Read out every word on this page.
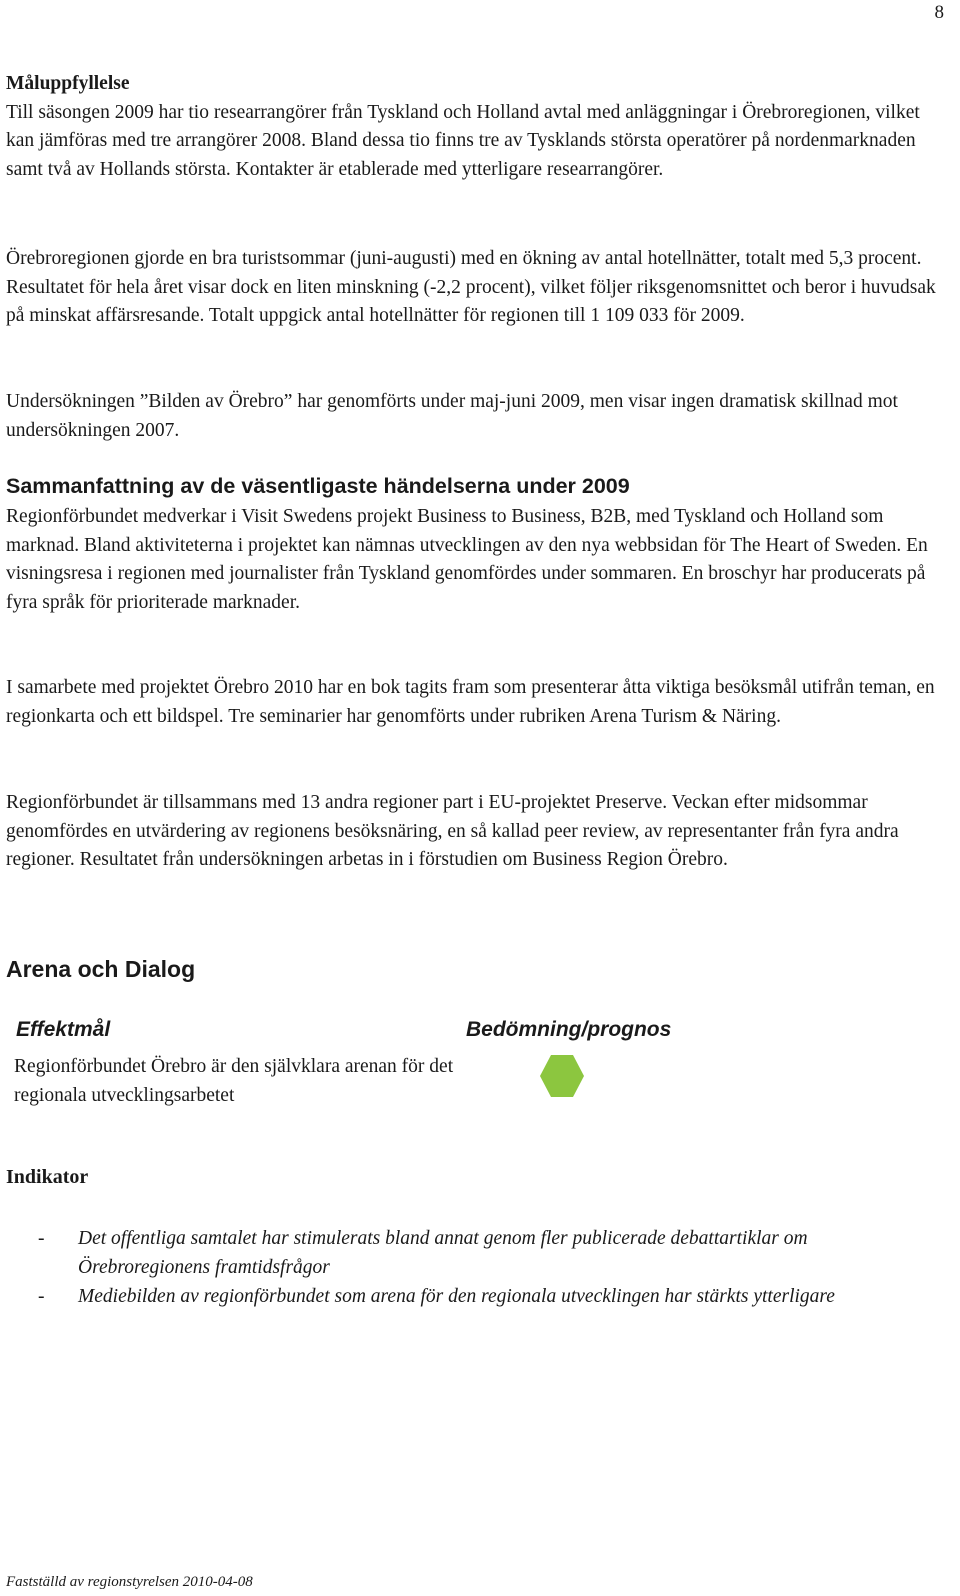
8
Måluppfyllelse
Till säsongen 2009 har tio researrangörer från Tyskland och Holland avtal med anläggningar i Örebroregionen, vilket kan jämföras med tre arrangörer 2008. Bland dessa tio finns tre av Tysklands största operatörer på nordenmarknaden samt två av Hollands största. Kontakter är etablerade med ytterligare researrangörer.
Örebroregionen gjorde en bra turistsommar (juni-augusti) med en ökning av antal hotellnätter, totalt med 5,3 procent. Resultatet för hela året visar dock en liten minskning (-2,2 procent), vilket följer riksgenomsnittet och beror i huvudsak på minskat affärsresande. Totalt uppgick antal hotellnätter för regionen till 1 109 033 för 2009.
Undersökningen ”Bilden av Örebro” har genomförts under maj-juni 2009, men visar ingen dramatisk skillnad mot undersökningen 2007.
Sammanfattning av de väsentligaste händelserna under 2009
Regionförbundet medverkar i Visit Swedens projekt Business to Business, B2B, med Tyskland och Holland som marknad. Bland aktiviteterna i projektet kan nämnas utvecklingen av den nya webbsidan för The Heart of Sweden. En visningsresa i regionen med journalister från Tyskland genomfördes under sommaren. En broschyr har producerats på fyra språk för prioriterade marknader.
I samarbete med projektet Örebro 2010 har en bok tagits fram som presenterar åtta viktiga besöksmål utifrån teman, en regionkarta och ett bildspel. Tre seminarier har genomförts under rubriken Arena Turism & Näring.
Regionförbundet är tillsammans med 13 andra regioner part i EU-projektet Preserve. Veckan efter midsommar genomfördes en utvärdering av regionens besöksnäring, en så kallad peer review, av representanter från fyra andra regioner. Resultatet från undersökningen arbetas in i förstudien om Business Region Örebro.
Arena och Dialog
Effektmål	Bedömning/prognos
Regionförbundet Örebro är den självklara arenan för det regionala utvecklingsarbetet
Indikator
- Det offentliga samtalet har stimulerats bland annat genom fler publicerade debattartiklar om Örebroregionens framtidsfrågor
- Mediebilden av regionförbundet som arena för den regionala utvecklingen har stärkts ytterligare
Fastställd av regionstyrelsen 2010-04-08
